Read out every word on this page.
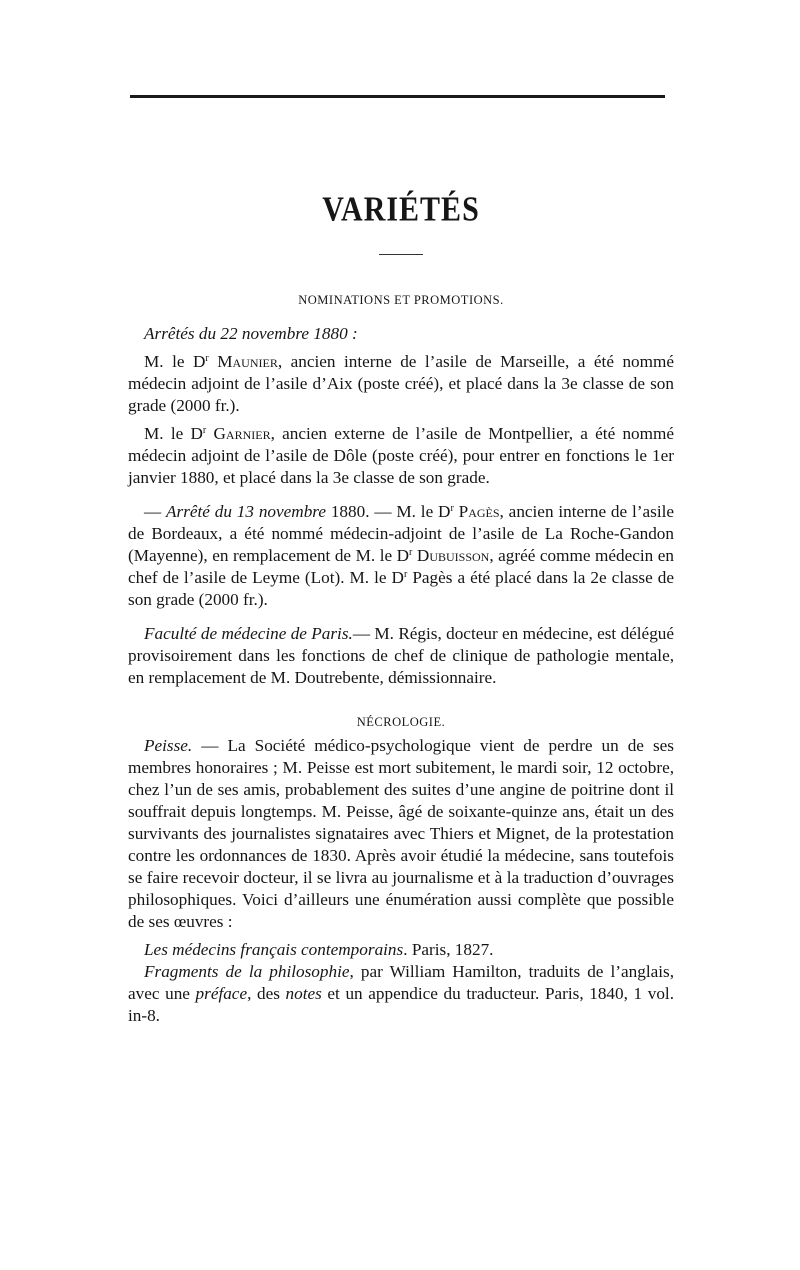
VARIÉTÉS
NOMINATIONS ET PROMOTIONS.

Arrêtés du 22 novembre 1880 :

M. le $D^r$ Maunier, ancien interne de l’asile de Marseille, a été nommé médecin adjoint de l’asile d’Aix (poste créé), et placé dans la 3e classe de son grade (2000 fr.).

M. le $D^r$ Garnier, ancien externe de l’asile de Montpellier, a été nommé médecin adjoint de l’asile de Dôle (poste créé), pour entrer en fonctions le 1er janvier 1880, et placé dans la 3e classe de son grade.

— Arrêté du 13 novembre 1880. — M. le $D^r$ Pagès, ancien interne de l’asile de Bordeaux, a été nommé médecin-adjoint de l’asile de La Roche-Gandon (Mayenne), en remplacement de M. le $D^r$ Dubuisson, agréé comme médecin en chef de l’asile de Leyme (Lot). M. le $D^r$ Pagès a été placé dans la 2e classe de son grade (2000 fr.).

Faculté de médecine de Paris.— M. Régis, docteur en médecine, est délégué provisoirement dans les fonctions de chef de clinique de pathologie mentale, en remplacement de M. Doutrebente, démissionnaire.

NÉCROLOGIE.

Peisse. — La Société médico-psychologique vient de perdre un de ses membres honoraires ; M. Peisse est mort subitement, le mardi soir, 12 octobre, chez l’un de ses amis, probablement des suites d’une angine de poitrine dont il souffrait depuis longtemps. M. Peisse, âgé de soixante-quinze ans, était un des survivants des journalistes signataires avec Thiers et Mignet, de la protestation contre les ordonnances de 1830. Après avoir étudié la médecine, sans toutefois se faire recevoir docteur, il se livra au journalisme et à la traduction d’ouvrages philosophiques. Voici d’ailleurs une énumération aussi complète que possible de ses œuvres :

Les médecins français contemporains. Paris, 1827.

Fragments de la philosophie, par William Hamilton, traduits de l’anglais, avec une préface, des notes et un appendice du traducteur. Paris, 1840, 1 vol. in-8.
